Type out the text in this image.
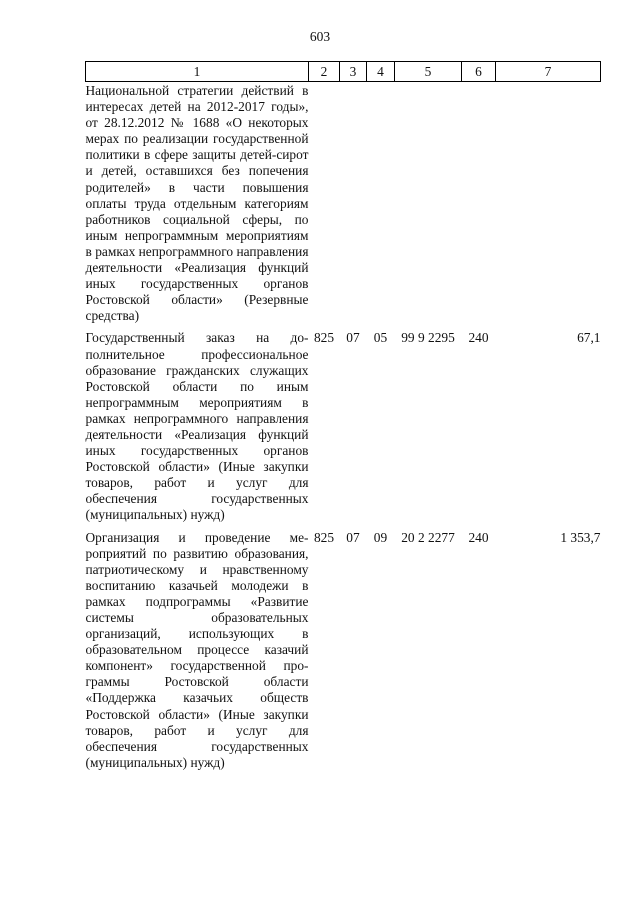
603
1	2	3	4	5	6	7
Национальной стратегии действий в интересах детей на 2012-2017 годы», от 28.12.2012 № 1688 «О некоторых мерах по реализации государственной политики в сфере защиты детей-сирот и детей, оставшихся без попечения родителей» в части повышения оплаты труда отдельным категориям работников социальной сферы, по иным непрограммным мероприятиям в рамках непрограммного направления деятельности «Реализация функций иных государственных органов Ростовской области» (Резервные средства)						
Государственный заказ на дополнительное профессиональное образование гражданских служащих Ростовской области по иным непрограммным мероприятиям в рамках непрограммного направления деятельности «Реализация функций иных государственных органов Ростовской области» (Иные закупки товаров, работ и услуг для обеспечения государственных (муниципальных) нужд)	825	07	05	99 9 2295	240	67,1
Организация и проведение мероприятий по развитию образования, патриотическому и нравственному воспитанию казачьей молодежи в рамках подпрограммы «Развитие системы образовательных организаций, использующих в образовательном процессе казачий компонент» государственной программы Ростовской области «Поддержка казачьих обществ Ростовской области» (Иные закупки товаров, работ и услуг для обеспечения государственных (муниципальных) нужд)	825	07	09	20 2 2277	240	1 353,7
